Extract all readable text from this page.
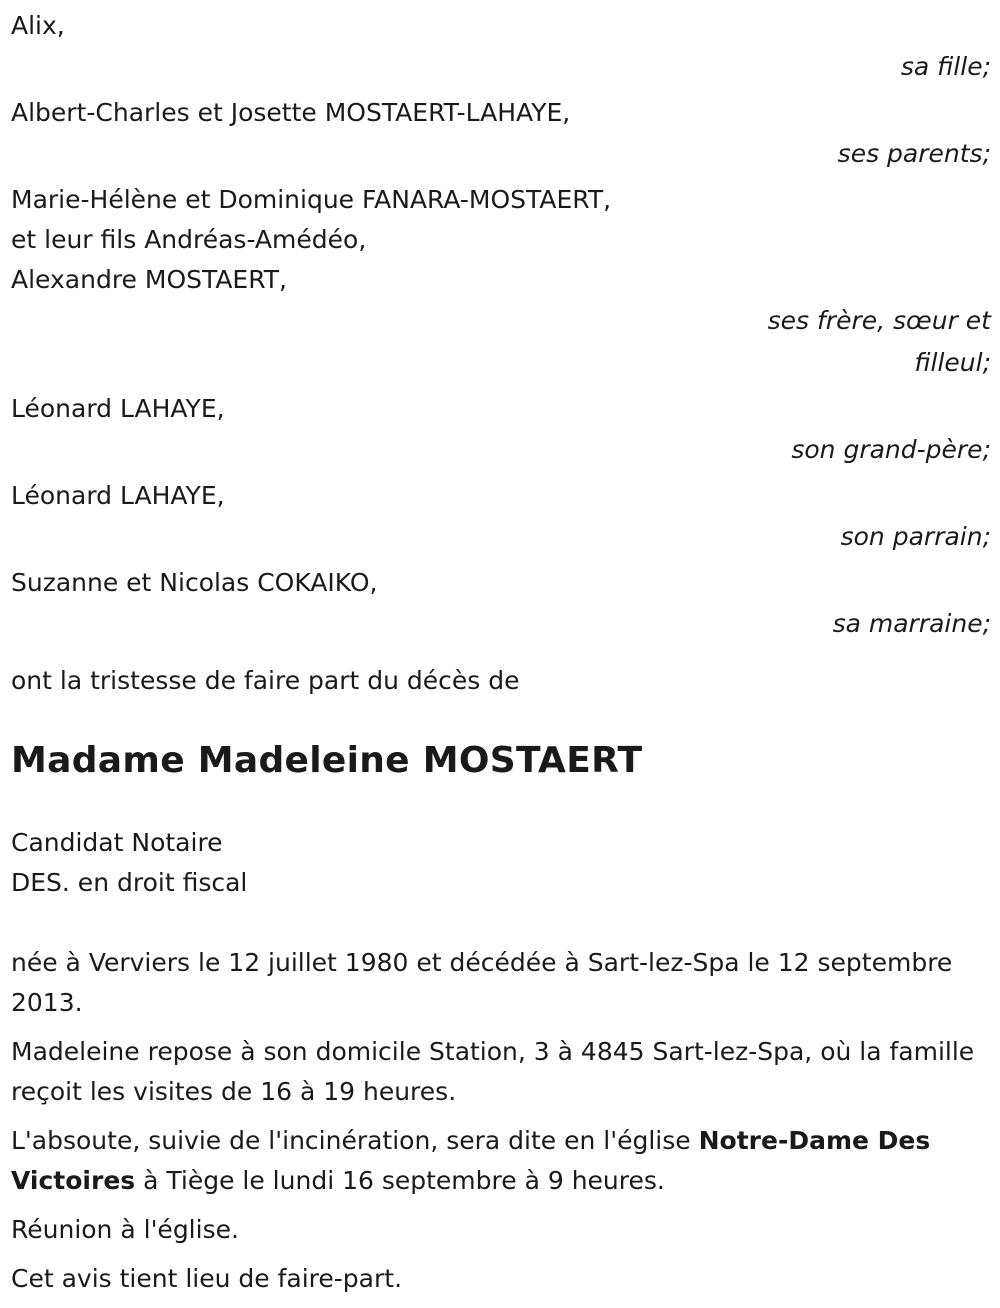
Alix,
sa fille;
Albert-Charles et Josette MOSTAERT-LAHAYE,
ses parents;
Marie-Hélène et Dominique FANARA-MOSTAERT,
et leur fils Andréas-Amédéo,
Alexandre MOSTAERT,
ses frère, sœur et
filleul;
Léonard LAHAYE,
son grand-père;
Léonard LAHAYE,
son parrain;
Suzanne et Nicolas COKAIKO,
sa marraine;
ont la tristesse de faire part du décès de
Madame Madeleine MOSTAERT
Candidat Notaire
DES. en droit fiscal
née à Verviers le 12 juillet 1980 et décédée à Sart-lez-Spa le 12 septembre 2013.
Madeleine repose à son domicile Station, 3 à 4845 Sart-lez-Spa, où la famille reçoit les visites de 16 à 19 heures.
L'absoute, suivie de l'incinération, sera dite en l'église Notre-Dame Des Victoires à Tiège le lundi 16 septembre à 9 heures.
Réunion à l'église.
Cet avis tient lieu de faire-part.
